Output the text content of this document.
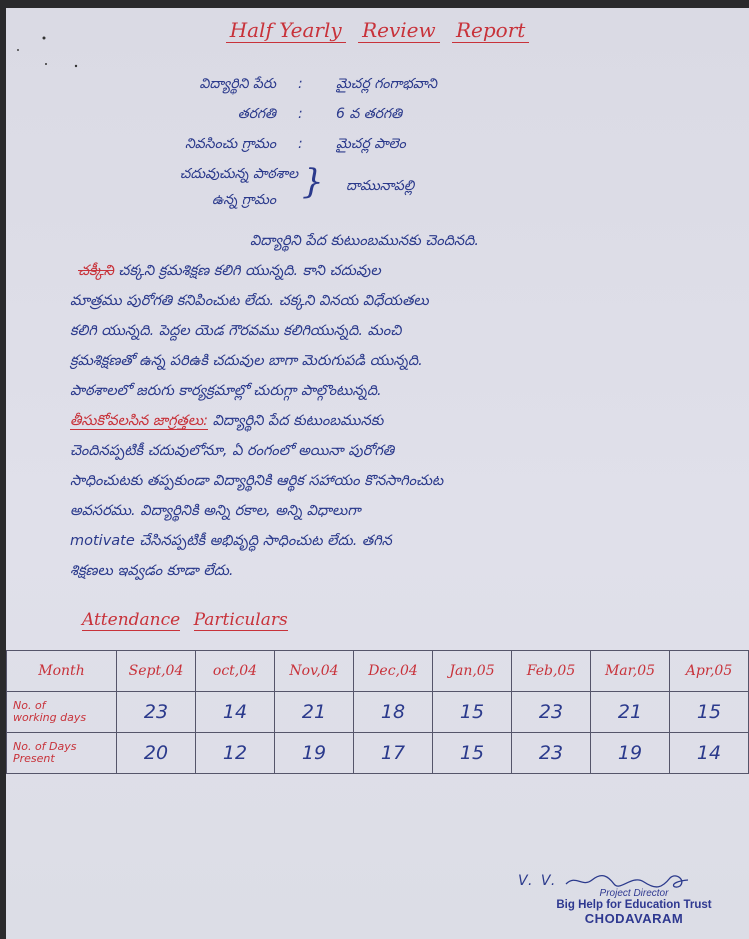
Half Yearly Review Report
విద్యార్థిని పేరు : మైచర్ల గంగాభవాని
తరగతి : 6 వ తరగతి
నివసించు గ్రామం : మైచర్ల పాలెం
చదువుచున్న పాఠశాల
ఉన్న గ్రామం } దామునాపల్లి
విద్యార్థిని పేద కుటుంబమునకు చెందినది.
చక్కీని చక్కని క్రమశిక్షణ కలిగి యున్నది. కాని చదువుల
మాత్రము పురోగతి కనిపించుట లేదు. చక్కని వినయ విధేయతలు
కలిగి యున్నది. పెద్దల యెడ గౌరవము కలిగియున్నది. మంచి
క్రమశిక్షణతో ఉన్న పరిఉకి చదువుల బాగా మెరుగుపడి యున్నది.
పాఠశాలలో జరుగు కార్యక్రమాల్లో చురుగ్గా పాల్గొంటున్నది.
తీసుకోవలసిన జాగ్రత్తలు: విద్యార్థిని పేద కుటుంబమునకు
చెందినప్పటికీ చదువులోనూ, ఏ రంగంలో అయినా పురోగతి
సాధించుటకు తప్పకుండా విద్యార్థినికి ఆర్థిక సహాయం కొనసాగించుట
అవసరము. విద్యార్థినికి అన్ని రకాల, అన్ని విధాలుగా
motivate చేసినప్పటికీ అభివృద్ధి సాధించుట లేదు. తగిన
శిక్షణలు ఇవ్వడం కూడా లేదు.
Attendance Particulars
Month	Sept,04	oct,04	Nov,04	Dec,04	Jan,05	Feb,05	Mar,05	Apr,05
No. of
working days	23	14	21	18	15	23	21	15
No. of Days
Present	20	12	19	17	15	23	19	14
V. V.
Project Director
Big Help for Education Trust
CHODAVARAM
